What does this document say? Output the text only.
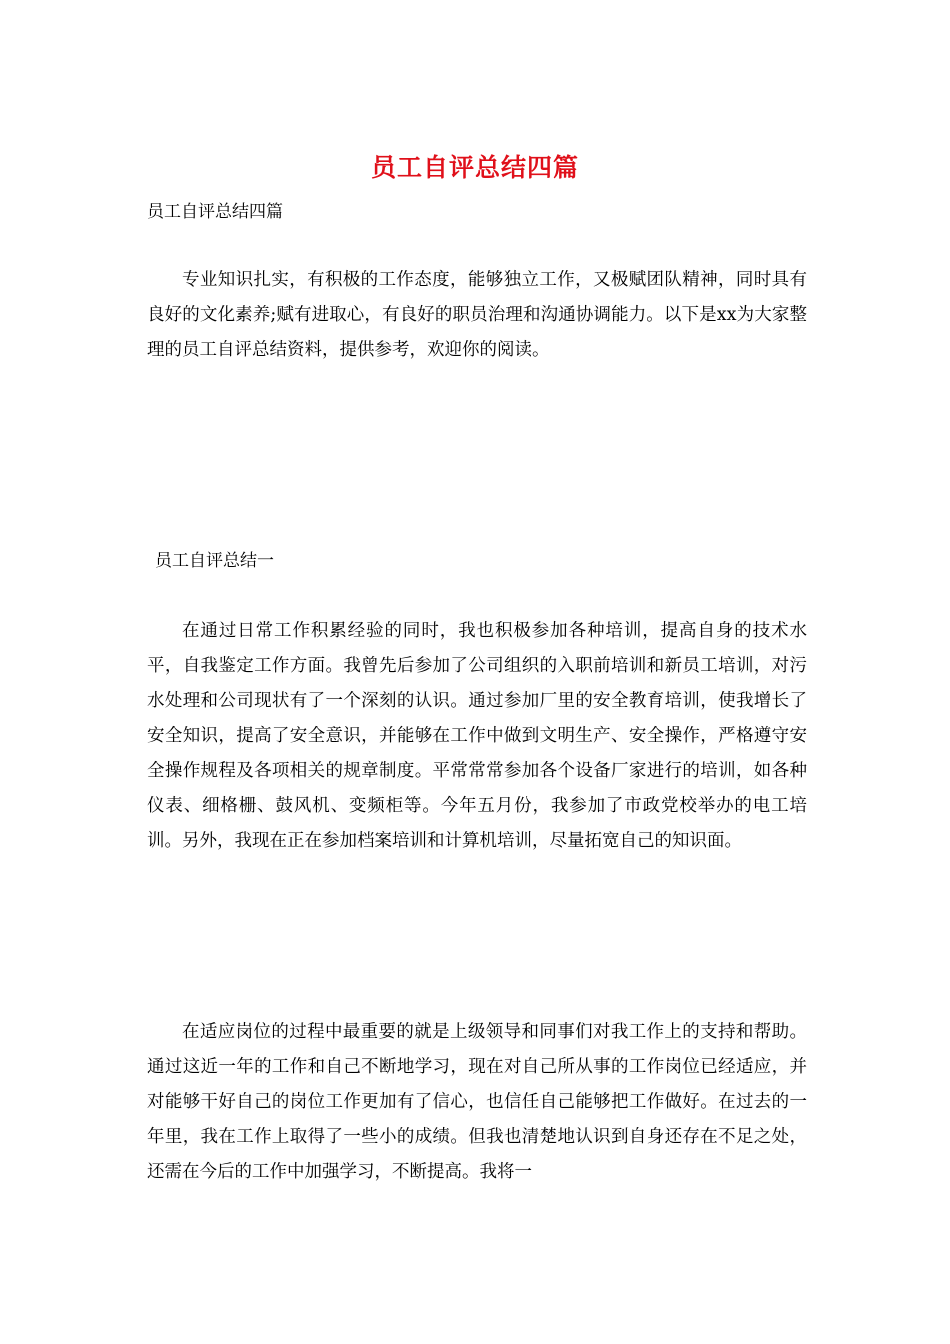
员工自评总结四篇
员工自评总结四篇
专业知识扎实，有积极的工作态度，能够独立工作，又极赋团队精神，同时具有良好的文化素养;赋有进取心，有良好的职员治理和沟通协调能力。以下是xx为大家整理的员工自评总结资料，提供参考，欢迎你的阅读。
员工自评总结一
在通过日常工作积累经验的同时，我也积极参加各种培训，提高自身的技术水平，自我鉴定工作方面。我曾先后参加了公司组织的入职前培训和新员工培训，对污水处理和公司现状有了一个深刻的认识。通过参加厂里的安全教育培训，使我增长了安全知识，提高了安全意识，并能够在工作中做到文明生产、安全操作，严格遵守安全操作规程及各项相关的规章制度。平常常常参加各个设备厂家进行的培训，如各种仪表、细格栅、鼓风机、变频柜等。今年五月份，我参加了市政党校举办的电工培训。另外，我现在正在参加档案培训和计算机培训，尽量拓宽自己的知识面。
在适应岗位的过程中最重要的就是上级领导和同事们对我工作上的支持和帮助。通过这近一年的工作和自己不断地学习，现在对自己所从事的工作岗位已经适应，并对能够干好自己的岗位工作更加有了信心，也信任自己能够把工作做好。在过去的一年里，我在工作上取得了一些小的成绩。但我也清楚地认识到自身还存在不足之处，还需在今后的工作中加强学习，不断提高。我将一
